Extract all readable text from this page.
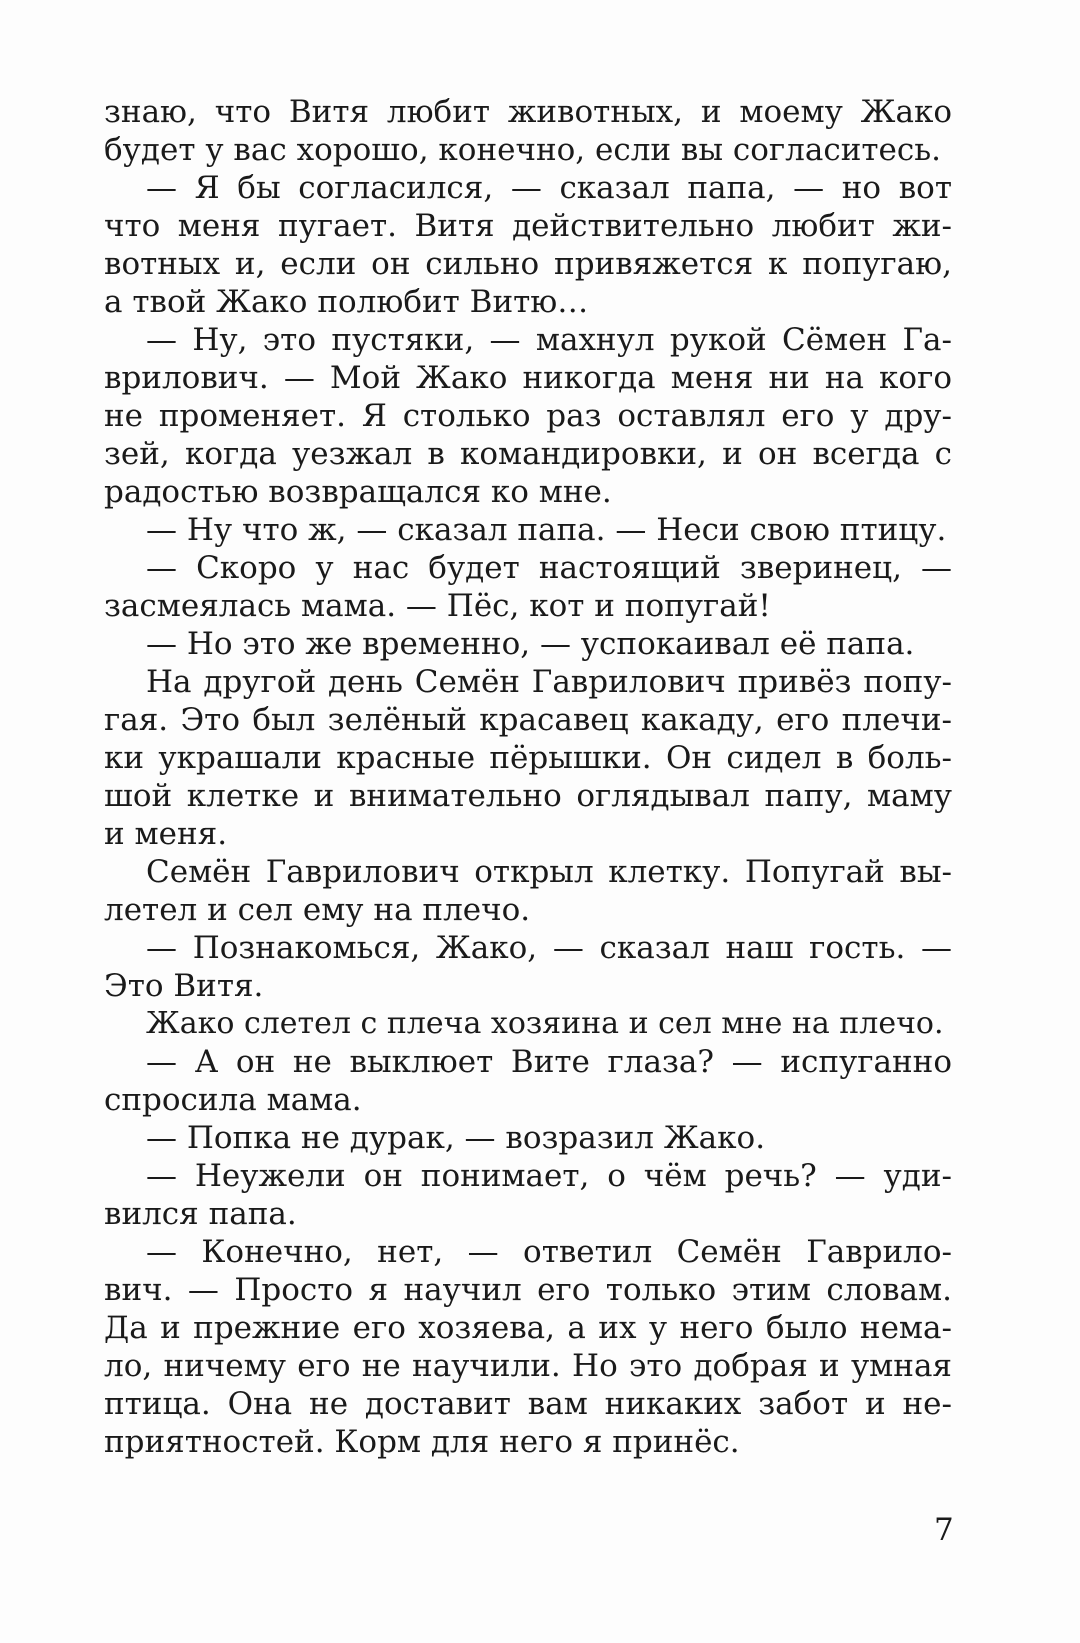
знаю, что Витя любит животных, и моему Жако
будет у вас хорошо, конечно, если вы согласитесь.
— Я бы согласился, — сказал папа, — но вот
что меня пугает. Витя действительно любит жи-
вотных и, если он сильно привяжется к попугаю,
а твой Жако полюбит Витю…
— Ну, это пустяки, — махнул рукой Сёмен Га-
врилович. — Мой Жако никогда меня ни на кого
не променяет. Я столько раз оставлял его у дру-
зей, когда уезжал в командировки, и он всегда с
радостью возвращался ко мне.
— Ну что ж, — сказал папа. — Неси свою птицу.
— Скоро у нас будет настоящий зверинец, —
засмеялась мама. — Пёс, кот и попугай!
— Но это же временно, — успокаивал её папа.
На другой день Семён Гаврилович привёз попу-
гая. Это был зелёный красавец какаду, его плечи-
ки украшали красные пёрышки. Он сидел в боль-
шой клетке и внимательно оглядывал папу, маму
и меня.
Семён Гаврилович открыл клетку. Попугай вы-
летел и сел ему на плечо.
— Познакомься, Жако, — сказал наш гость. —
Это Витя.
Жако слетел с плеча хозяина и сел мне на плечо.
— А он не выклюет Вите глаза? — испуганно
спросила мама.
— Попка не дурак, — возразил Жако.
— Неужели он понимает, о чём речь? — уди-
вился папа.
— Конечно, нет, — ответил Семён Гаврило-
вич. — Просто я научил его только этим словам.
Да и прежние его хозяева, а их у него было нема-
ло, ничему его не научили. Но это добрая и умная
птица. Она не доставит вам никаких забот и не-
приятностей. Корм для него я принёс.
7
